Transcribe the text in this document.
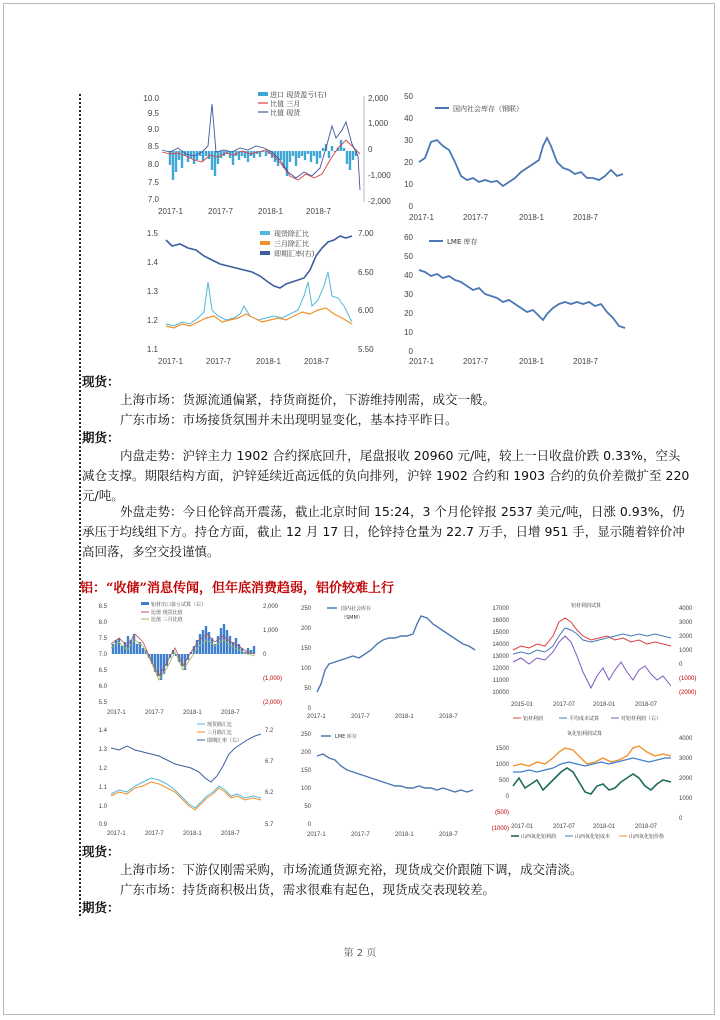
10.0
9.5
9.0
8.5
8.0
7.5
7.0
2,000
1,000
0
-1,000
-2,000
进口 现货盈亏(右)
比值 三月
比值 现货
2017-1	2017-7	2018-1	2018-7
50
40
30
20
10
0
国内社会库存（钢联）
2017-1	2017-7	2018-1	2018-7
1.5
1.4
1.3
1.2
1.1
7.00
6.50
6.00
5.50
现货除汇比
三月除汇比
即期汇率(右)
2017-1	2017-7	2018-1	2018-7
60
50
40
30
20
10
0
LME 库存
2017-1	2017-7	2018-1	2018-7
现货：
上海市场：货源流通偏紧，持货商挺价，下游维持刚需，成交一般。
广东市场：市场接货氛围并未出现明显变化，基本持平昨日。
期货：
内盘走势：沪锌主力 1902 合约探底回升，尾盘报收 20960 元/吨，较上一日收盘价跌 0.33%，空头减仓支撑。期限结构方面，沪锌延续近高远低的负向排列，沪锌 1902 合约和 1903 合约的负价差微扩至 220 元/吨。
外盘走势：今日伦锌高开震荡，截止北京时间 15:24，3 个月伦锌报 2537 美元/吨，日涨 0.93%，仍承压于均线组下方。持仓方面，截止 12 月 17 日，伦锌持仓量为 22.7 万手，日增 951 手，显示随着锌价冲高回落，多空交投谨慎。
铝：“收储”消息传闻，但年底消费趋弱，铝价较难上行
8.5
8.0
7.5
7.0
6.5
6.0
5.5
2,000
1,000
0
(1,000)
(2,000)
铝材出口盈亏试算（右）
比值 现货比值
比值 三月比值
2017-1	2017-7	2018-1	2018-7
250
200
150
100
50
0
国内社会库存
（SMM）
2017-1	2017-7	2018-1	2018-7
铝材利润试算
17000
16000
15000
14000
13000
12000
11000
10000
4000
3000
2000
1000
0
(1000)
(2000)
铝材利润	平均成本试算	对铝材利润（右）
2015-01	2017-07	2018-01	2018-07
1.4
1.3
1.2
1.1
1.0
0.9
7.2
6.7
6.2
5.7
现货除汇比
三月除汇比
即期汇率（右）
2017-1	2017-7	2018-1	2018-7
250
200
150
100
50
0
LME 库存
2017-1	2017-7	2018-1	2018-7
氧化铝利润试算
1500
1000
500
0
(500)
(1000)
4000
3000
2000
1000
0
山西氧化铝利润	山西氧化铝成本	山西氧化铝价格
2017-01	2017-07	2018-01	2018-07
现货：
上海市场：下游仅刚需采购，市场流通货源充裕，现货成交价跟随下调，成交清淡。
广东市场：持货商积极出货，需求很难有起色，现货成交表现较差。
期货：
第 2 页
